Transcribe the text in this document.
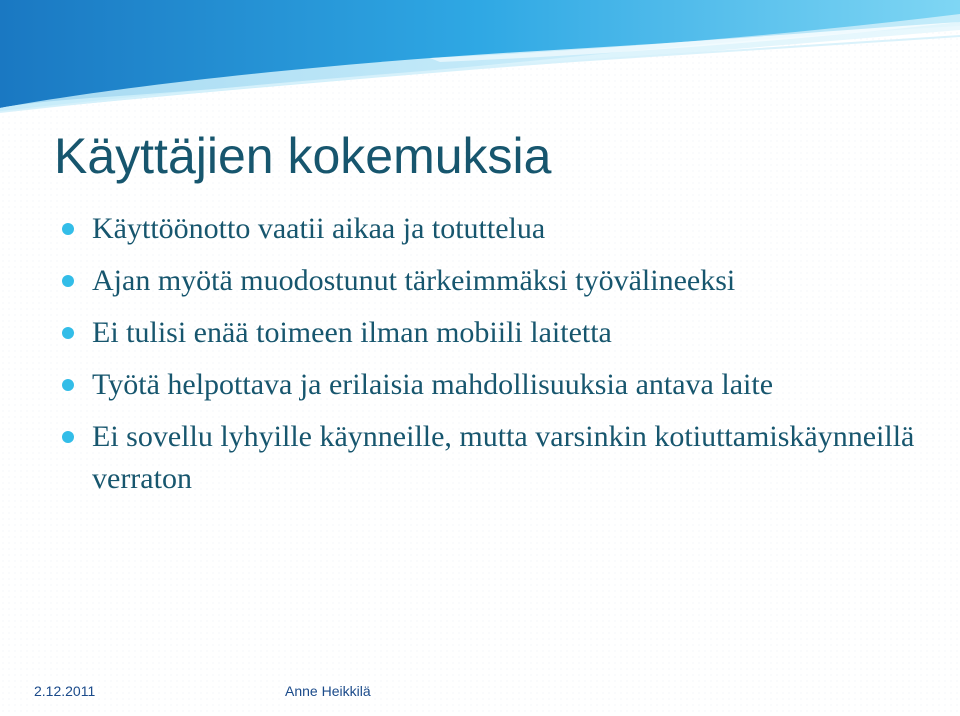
Käyttäjien kokemuksia
Käyttöönotto vaatii aikaa ja totuttelua
Ajan myötä muodostunut tärkeimmäksi työvälineeksi
Ei tulisi enää toimeen ilman mobiili laitetta
Työtä helpottava ja erilaisia mahdollisuuksia antava laite
Ei sovellu lyhyille käynneille, mutta varsinkin kotiuttamiskäynneillä verraton
2.12.2011	Anne Heikkilä
